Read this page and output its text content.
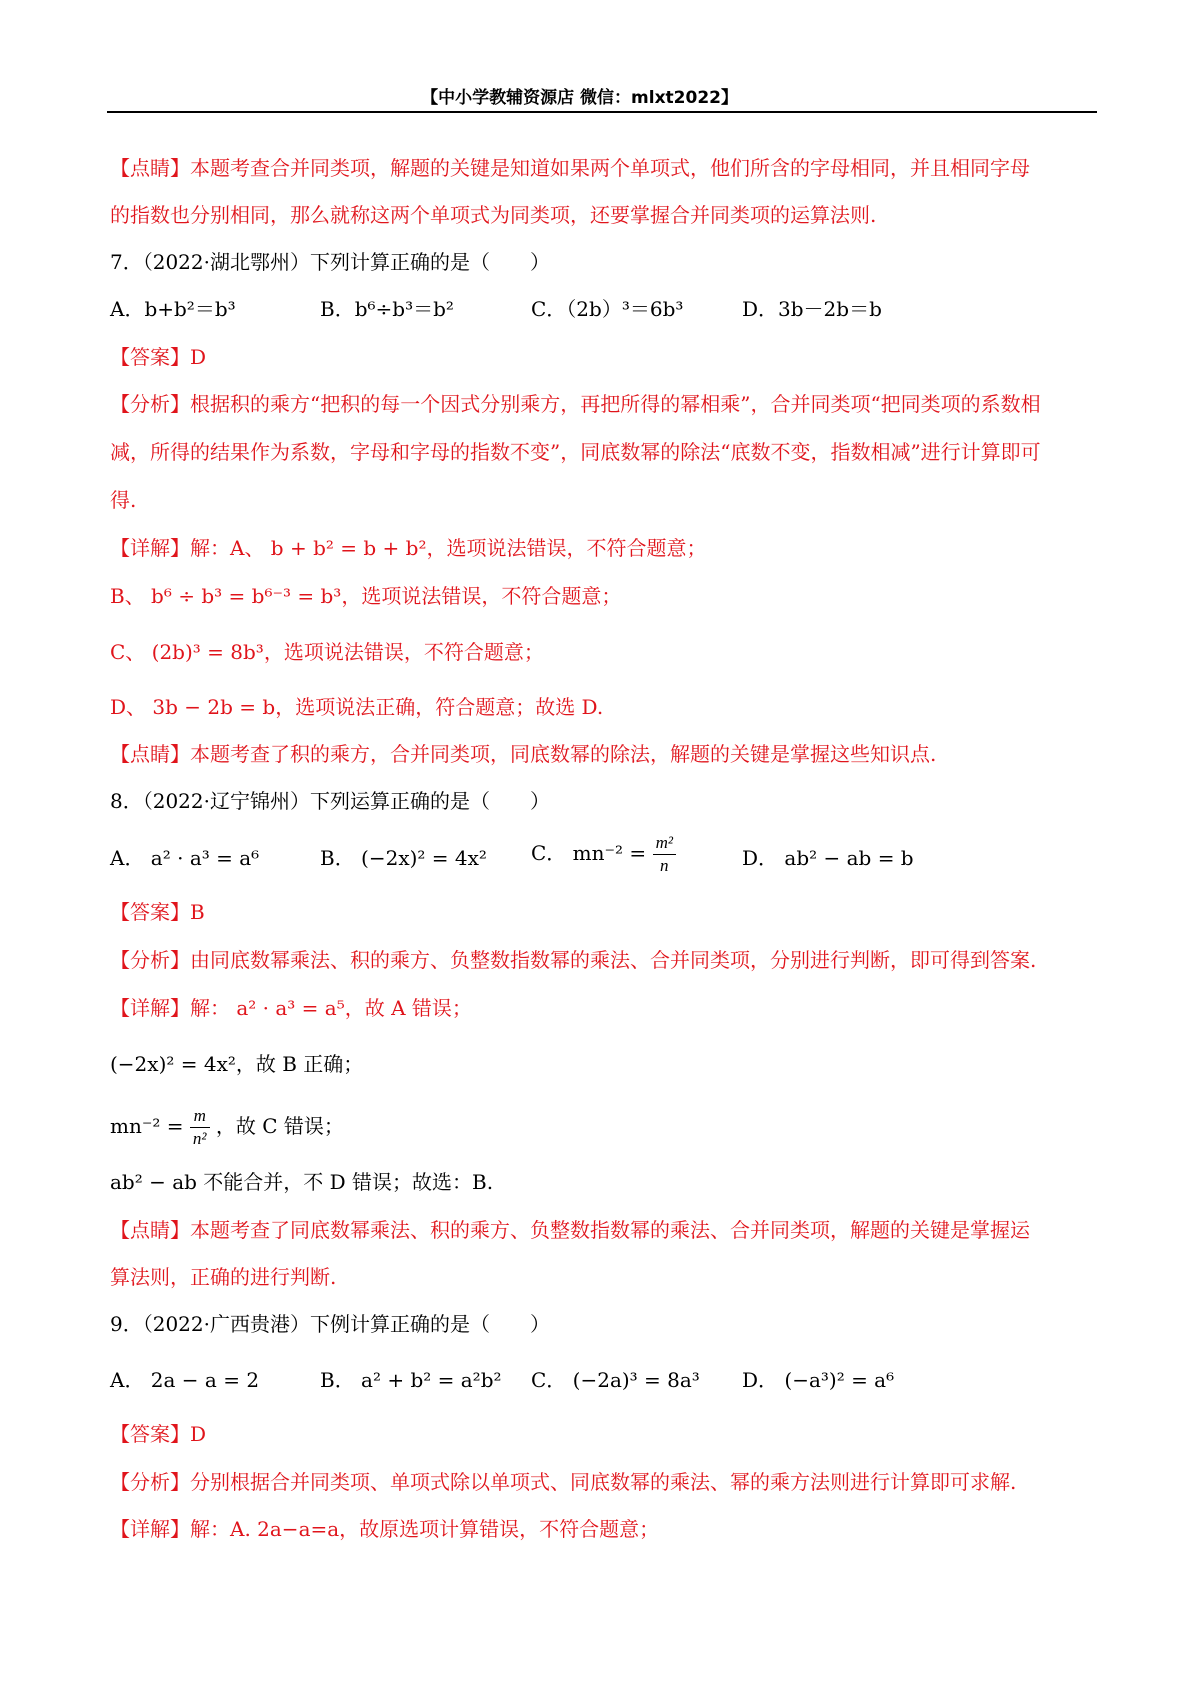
【中小学教辅资源店 微信：mlxt2022】
【点睛】本题考查合并同类项，解题的关键是知道如果两个单项式，他们所含的字母相同，并且相同字母
的指数也分别相同，那么就称这两个单项式为同类项，还要掌握合并同类项的运算法则.
7．（2022·湖北鄂州）下列计算正确的是（　　）
A．b+b²＝b³	B．b⁶÷b³＝b²	C．（2b）³＝6b³	D．3b－2b＝b
【答案】D
【分析】根据积的乘方“把积的每一个因式分别乘方，再把所得的幂相乘”，合并同类项“把同类项的系数相
减，所得的结果作为系数，字母和字母的指数不变”，同底数幂的除法“底数不变，指数相减”进行计算即可
得.
【详解】解：A、 b + b² = b + b²，选项说法错误，不符合题意；
B、 b⁶ ÷ b³ = b⁶⁻³ = b³，选项说法错误，不符合题意；
C、 (2b)³ = 8b³，选项说法错误，不符合题意；
D、 3b − 2b = b，选项说法正确，符合题意；故选 D.
【点睛】本题考查了积的乘方，合并同类项，同底数幂的除法，解题的关键是掌握这些知识点.
8．（2022·辽宁锦州）下列运算正确的是（　　）
A． a² · a³ = a⁶	B． (−2x)² = 4x² C． $mn^{-2} = \frac{\text{m²}}{n}$	D． ab² − ab = b
【答案】B
【分析】由同底数幂乘法、积的乘方、负整数指数幂的乘法、合并同类项，分别进行判断，即可得到答案.
【详解】解： a² · a³ = a⁵，故 A 错误；
(−2x)² = 4x²，故 B 正确；
$mn^{-2} = \frac{m}{\text{n²}}$ ，故 C 错误；
ab² − ab 不能合并，不 D 错误；故选：B.
【点睛】本题考查了同底数幂乘法、积的乘方、负整数指数幂的乘法、合并同类项，解题的关键是掌握运
算法则，正确的进行判断.
9．（2022·广西贵港）下例计算正确的是（　　）
A． 2a − a = 2	B． a² + b² = a²b² C． (−2a)³ = 8a³ D． (−a³)² = a⁶
【答案】D
【分析】分别根据合并同类项、单项式除以单项式、同底数幂的乘法、幂的乘方法则进行计算即可求解.
【详解】解：A. 2a−a=a，故原选项计算错误，不符合题意；
